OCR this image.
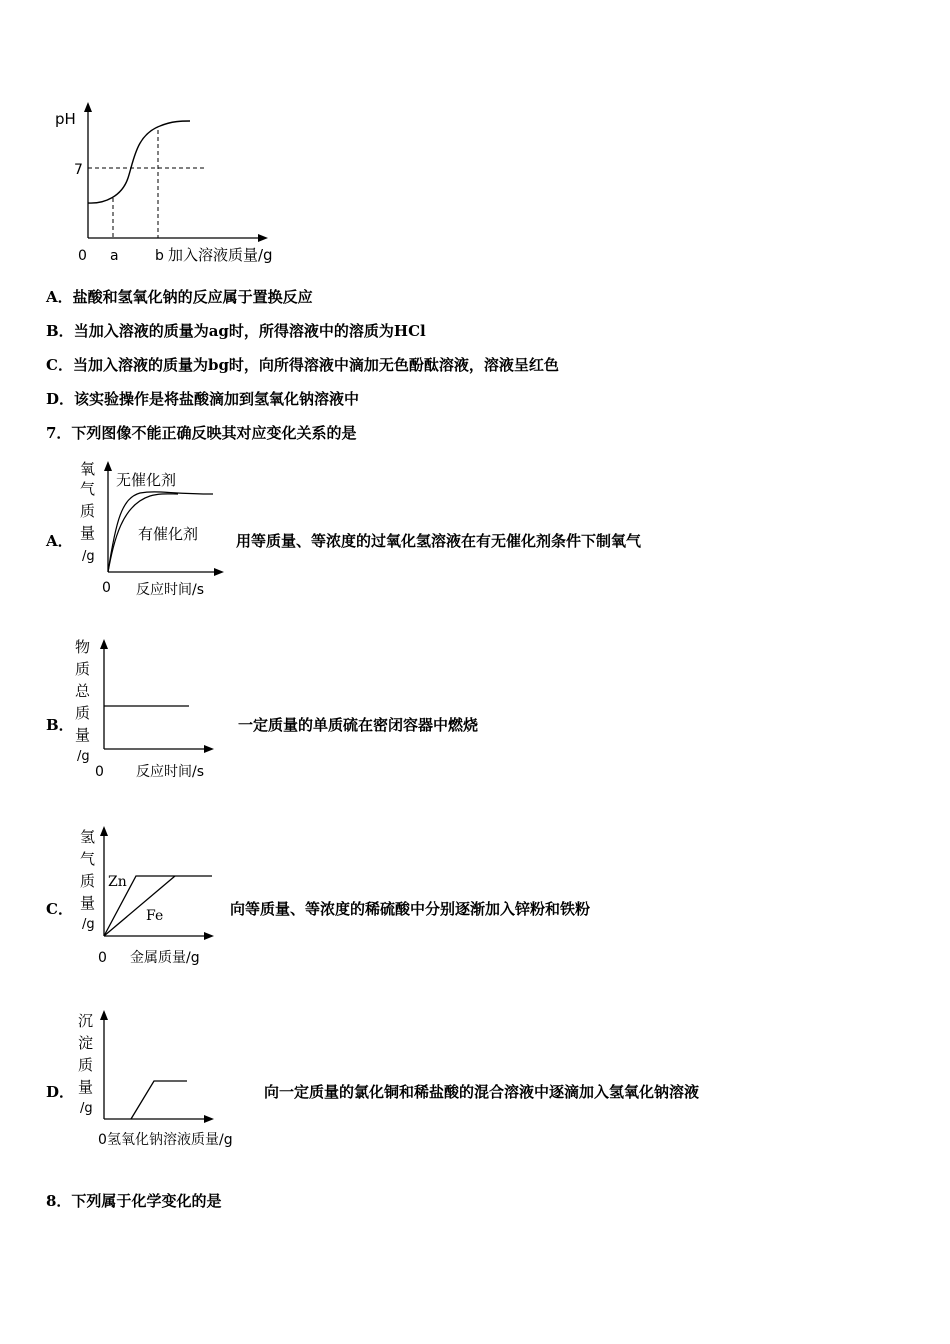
pH
7
0 a	b 加入溶液质量/g
A．盐酸和氢氧化钠的反应属于置换反应
B．当加入溶液的质量为ag时，所得溶液中的溶质为HCl
C．当加入溶液的质量为bg时，向所得溶液中滴加无色酚酞溶液，溶液呈红色
D．该实验操作是将盐酸滴加到氢氧化钠溶液中
7．下列图像不能正确反映其对应变化关系的是
A．
氧
气
质
量
/g
无催化剂
有催化剂
0 反应时间/s
用等质量、等浓度的过氧化氢溶液在有无催化剂条件下制氧气
B．
物
质
总
质
量
/g
0 反应时间/s
一定质量的单质硫在密闭容器中燃烧
C．
氢
气
质
量
/g
Zn
Fe
0 金属质量/g
向等质量、等浓度的稀硫酸中分别逐渐加入锌粉和铁粉
D．
沉
淀
质
量
/g
0 氢氧化钠溶液质量/g
向一定质量的氯化铜和稀盐酸的混合溶液中逐滴加入氢氧化钠溶液
8．下列属于化学变化的是
